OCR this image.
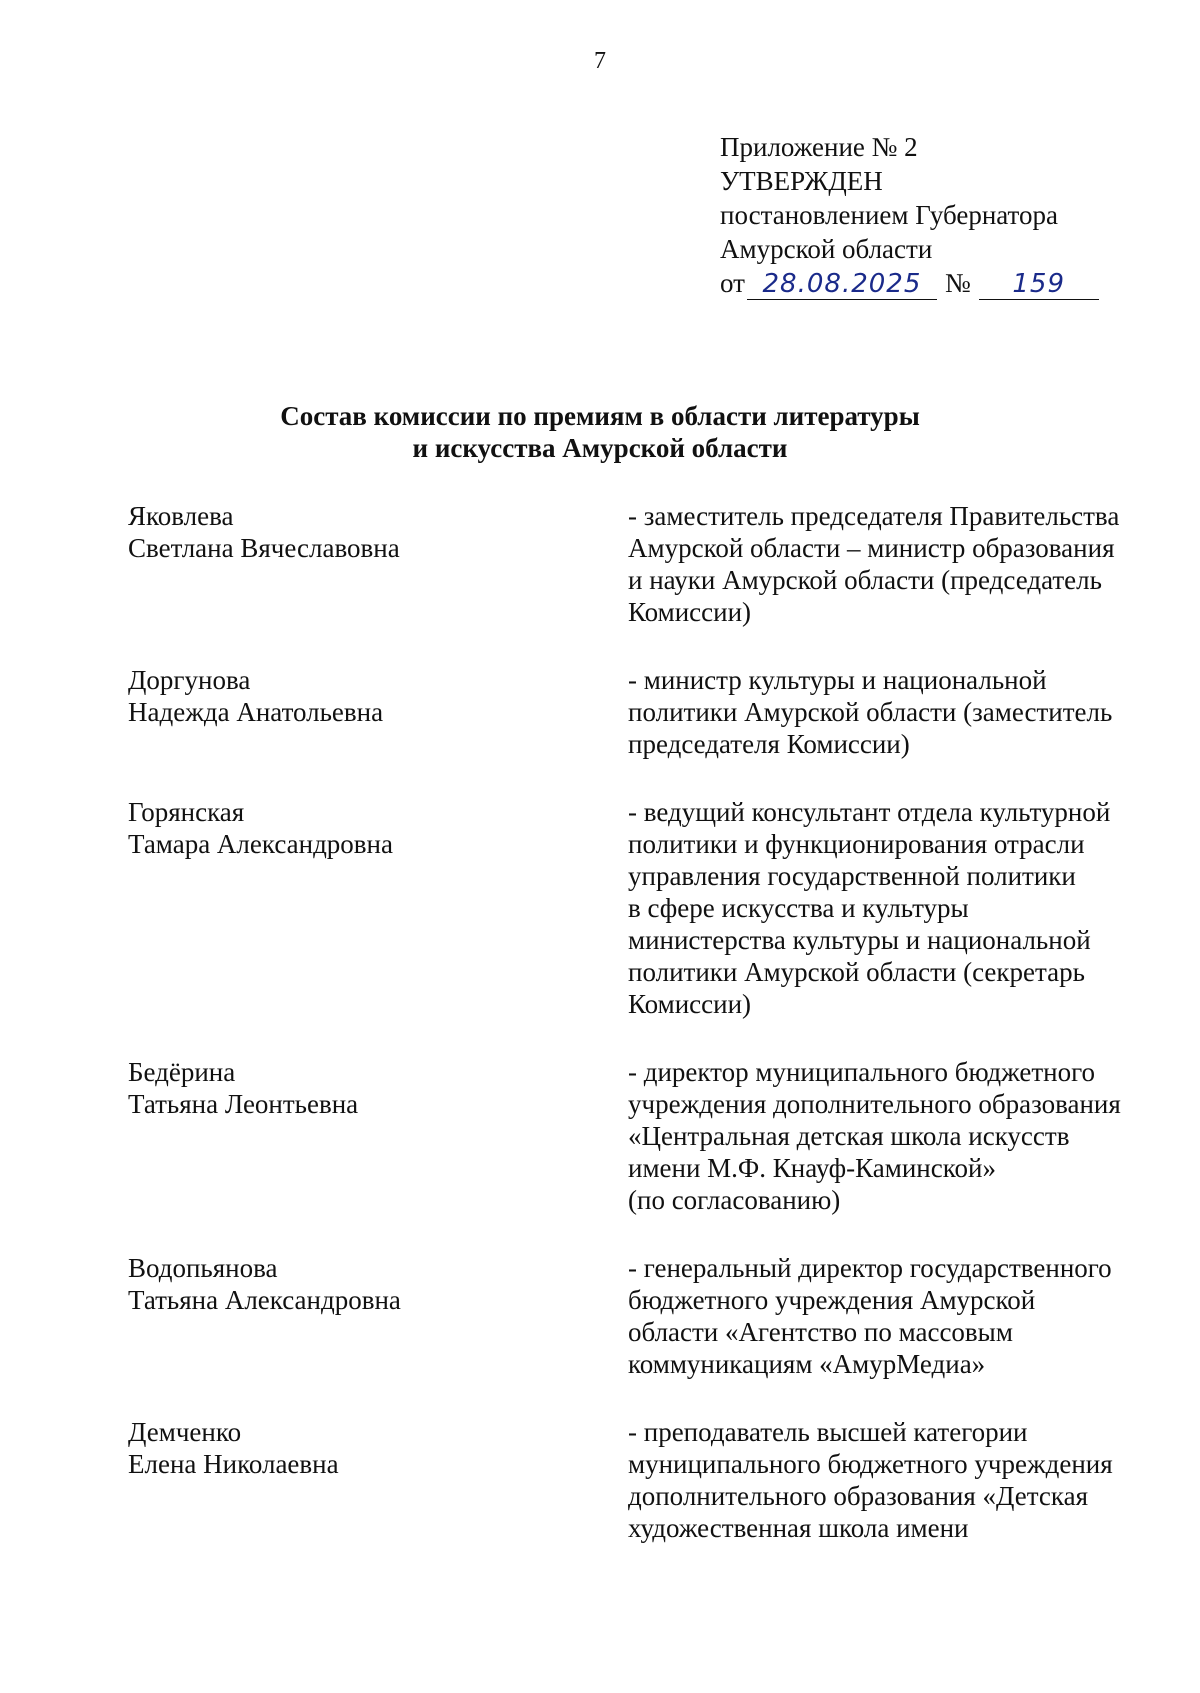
7
Приложение № 2
УТВЕРЖДЕН
постановлением Губернатора
Амурской области
от 28.08.2025 №	159
Состав комиссии по премиям в области литературы
и искусства Амурской области
Яковлева
Светлана Вячеславовна
- заместитель председателя Правительства
Амурской области – министр образования
и науки Амурской области (председатель
Комиссии)
Доргунова
Надежда Анатольевна
- министр культуры и национальной
политики Амурской области (заместитель
председателя Комиссии)
Горянская
Тамара Александровна
- ведущий консультант отдела культурной
политики и функционирования отрасли
управления государственной политики
в сфере искусства и культуры
министерства культуры и национальной
политики Амурской области (секретарь
Комиссии)
Бедёрина
Татьяна Леонтьевна
- директор муниципального бюджетного
учреждения дополнительного образования
«Центральная детская школа искусств
имени М.Ф. Кнауф-Каминской»
(по согласованию)
Водопьянова
Татьяна Александровна
- генеральный директор государственного
бюджетного учреждения Амурской
области «Агентство по массовым
коммуникациям «АмурМедиа»
Демченко
Елена Николаевна
- преподаватель высшей категории
муниципального бюджетного учреждения
дополнительного образования «Детская
художественная школа имени
